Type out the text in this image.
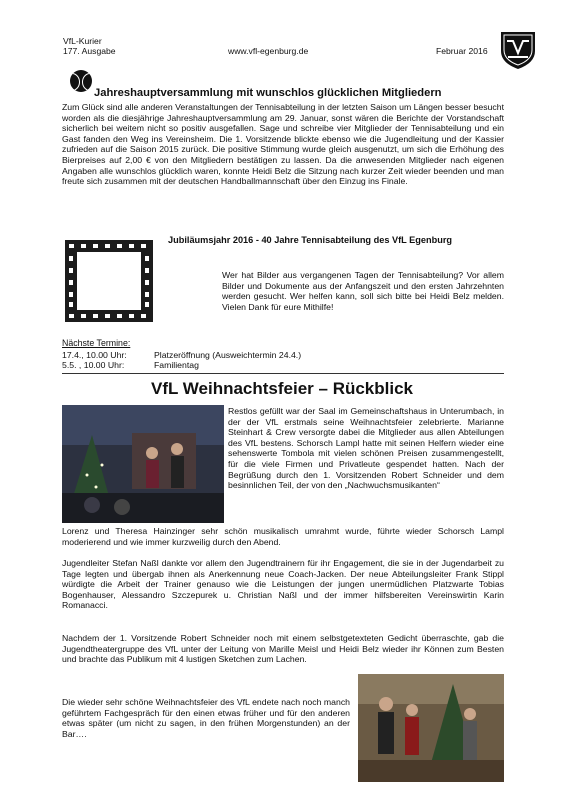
VfL-Kurier
177. Ausgabe	www.vfl-egenburg.de	Februar 2016
Jahreshauptversammlung mit wunschlos glücklichen Mitgliedern
Zum Glück sind alle anderen Veranstaltungen der Tennisabteilung in der letzten Saison um Längen besser besucht worden als die diesjährige Jahreshauptversammlung am 29. Januar, sonst wären die Berichte der Vorstandschaft sicherlich bei weitem nicht so positiv ausgefallen. Sage und schreibe vier Mitglieder der Tennisabteilung und ein Gast fanden den Weg ins Vereinsheim. Die 1. Vorsitzende blickte ebenso wie die Jugendleitung und der Kassier zufrieden auf die Saison 2015 zurück. Die positive Stimmung wurde gleich ausgenutzt, um sich die Erhöhung des Bierpreises auf 2,00 € von den Mitgliedern bestätigen zu lassen. Da die anwesenden Mitglieder nach eigenen Angaben alle wunschlos glücklich waren, konnte Heidi Belz die Sitzung nach kurzer Zeit wieder beenden und man freute sich zusammen mit der deutschen Handballmannschaft über den Einzug ins Finale.
Jubiläumsjahr 2016 - 40 Jahre Tennisabteilung des VfL Egenburg
Wer hat Bilder aus vergangenen Tagen der Tennisabteilung? Vor allem Bilder und Dokumente aus der Anfangszeit und den ersten Jahrzehnten werden gesucht. Wer helfen kann, soll sich bitte bei Heidi Belz melden. Vielen Dank für eure Mithilfe!
Nächste Termine:
17.4., 10.00 Uhr:	Platzeröffnung (Ausweichtermin 24.4.)
5.5. , 10.00 Uhr:	Familientag
VfL Weihnachtsfeier – Rückblick
Restlos gefüllt war der Saal im Gemeinschaftshaus in Unterumbach, in der der VfL erstmals seine Weihnachtsfeier zelebrierte. Marianne Steinhart & Crew versorgte dabei die Mitglieder aus allen Abteilungen des VfL bestens. Schorsch Lampl hatte mit seinen Helfern wieder eine sehenswerte Tombola mit vielen schönen Preisen zusammengestellt, für die viele Firmen und Privatleute gespendet hatten. Nach der Begrüßung durch den 1. Vorsitzenden Robert Schneider und dem besinnlichen Teil, der von den „Nachwuchsmusikanten“
Lorenz und Theresa Hainzinger sehr schön musikalisch umrahmt wurde, führte wieder Schorsch Lampl moderierend und wie immer kurzweilig durch den Abend.
Jugendleiter Stefan Naßl dankte vor allem den Jugendtrainern für ihr Engagement, die sie in der Jugendarbeit zu Tage legten und übergab ihnen als Anerkennung neue Coach-Jacken. Der neue Abteilungsleiter Frank Stippl würdigte die Arbeit der Trainer genauso wie die Leistungen der jungen unermüdlichen Platzwarte Tobias Bogenhauser, Alessandro Szczepurek u. Christian Naßl und der immer hilfsbereiten Vereinswirtin Karin Romanacci.
Nachdem der 1. Vorsitzende Robert Schneider noch mit einem selbstgetexteten Gedicht überraschte, gab die Jugendtheatergruppe des VfL unter der Leitung von Marille Meisl und Heidi Belz wieder ihr Können zum Besten und brachte das Publikum mit 4 lustigen Sketchen zum Lachen.
Die wieder sehr schöne Weihnachtsfeier des VfL endete nach noch manch geführtem Fachgespräch für den einen etwas früher und für den anderen etwas später (um nicht zu sagen, in den frühen Morgenstunden) an der Bar….
